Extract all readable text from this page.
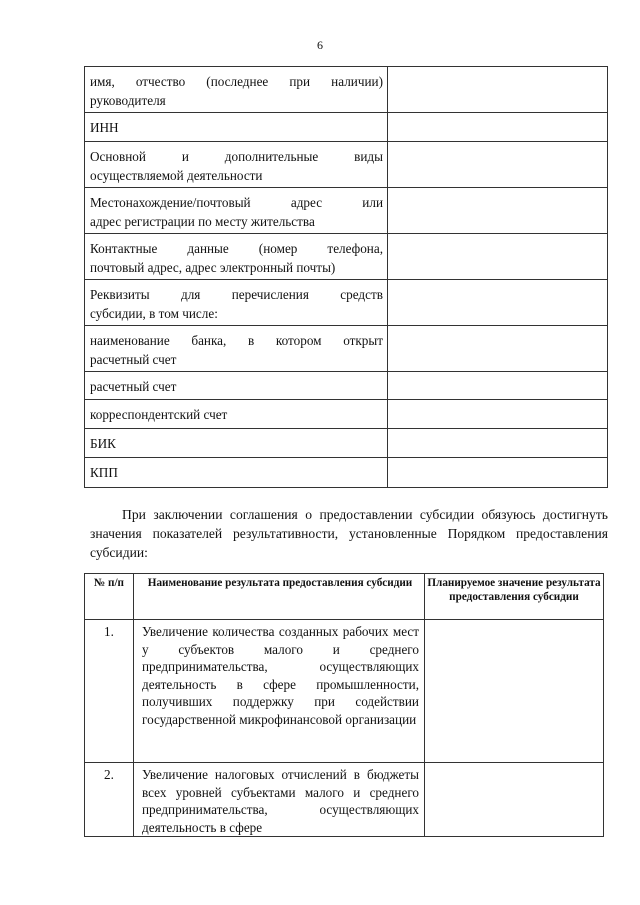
6
имя, отчество (последнее при наличии)
руководителя	

ИНН	

Основной и дополнительные виды
осуществляемой деятельности	

Местонахождение/почтовый адрес или
адрес регистрации по месту жительства	

Контактные данные (номер телефона,
почтовый адрес, адрес электронный почты)	

Реквизиты для перечисления средств
субсидии, в том числе:	

наименование банка, в котором открыт
расчетный счет	

расчетный счет	

корреспондентский счет	

БИК	

КПП	

При заключении соглашения о предоставлении субсидии обязуюсь достигнуть значения показателей результативности, установленные Порядком предоставления субсидии:
№ п/п	Наименование результата предоставления субсидии	Планируемое значение результата предоставления субсидии
1.	Увеличение количества созданных рабочих мест у субъектов малого и среднего предпринимательства, осуществляющих деятельность в сфере промышленности, получивших поддержку при содействии государственной микрофинансовой организации	
2.	Увеличение налоговых отчислений в бюджеты всех уровней субъектами малого и среднего предпринимательства, осуществляющих деятельность в сфере	
